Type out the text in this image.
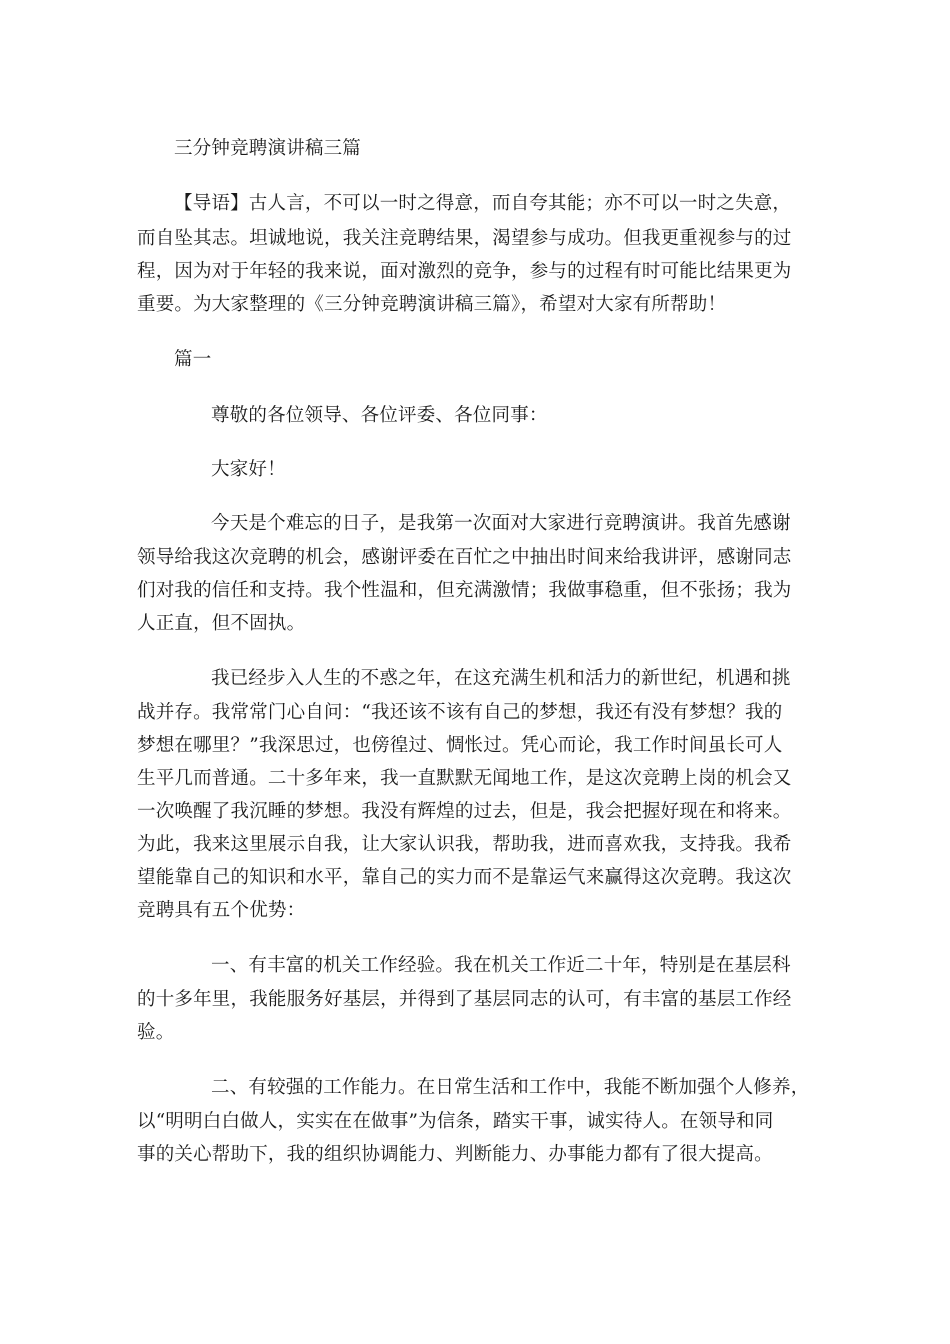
三分钟竞聘演讲稿三篇
【导语】古人言，不可以一时之得意，而自夸其能；亦不可以一时之失意，
而自坠其志。坦诚地说，我关注竞聘结果，渴望参与成功。但我更重视参与的过
程，因为对于年轻的我来说，面对激烈的竞争，参与的过程有时可能比结果更为
重要。为大家整理的《三分钟竞聘演讲稿三篇》，希望对大家有所帮助！
篇一
尊敬的各位领导、各位评委、各位同事：
大家好！
今天是个难忘的日子，是我第一次面对大家进行竞聘演讲。我首先感谢
领导给我这次竞聘的机会，感谢评委在百忙之中抽出时间来给我讲评，感谢同志
们对我的信任和支持。我个性温和，但充满激情；我做事稳重，但不张扬；我为
人正直，但不固执。
我已经步入人生的不惑之年，在这充满生机和活力的新世纪，机遇和挑
战并存。我常常门心自问：“我还该不该有自己的梦想，我还有没有梦想？我的
梦想在哪里？”我深思过，也傍徨过、惆怅过。凭心而论，我工作时间虽长可人
生平几而普通。二十多年来，我一直默默无闻地工作，是这次竞聘上岗的机会又
一次唤醒了我沉睡的梦想。我没有辉煌的过去，但是，我会把握好现在和将来。
为此，我来这里展示自我，让大家认识我，帮助我，进而喜欢我，支持我。我希
望能靠自己的知识和水平，靠自己的实力而不是靠运气来赢得这次竞聘。我这次
竞聘具有五个优势：
一、有丰富的机关工作经验。我在机关工作近二十年，特别是在基层科
的十多年里，我能服务好基层，并得到了基层同志的认可，有丰富的基层工作经
验。
二、有较强的工作能力。在日常生活和工作中，我能不断加强个人修养，
以“明明白白做人，实实在在做事”为信条，踏实干事，诚实待人。在领导和同
事的关心帮助下，我的组织协调能力、判断能力、办事能力都有了很大提高。
